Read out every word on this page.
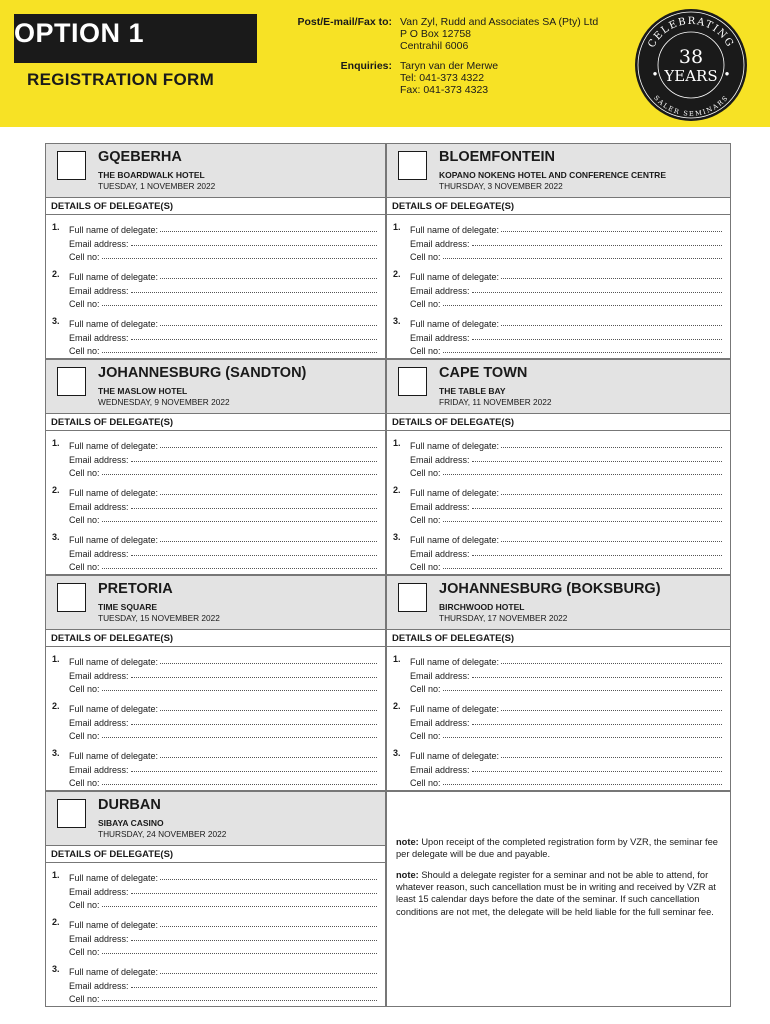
OPTION 1
REGISTRATION FORM
Post/E-mail/Fax to: Van Zyl, Rudd and Associates SA (Pty) Ltd
P O Box 12758
Centrahil 6006
Enquiries: Taryn van der Merwe
Tel: 041-373 4322
Fax: 041-373 4323
CELEBRATING
SALER SEMINARS
38
YEARS
●	●
GQEBERHA
THE BOARDWALK HOTEL
TUESDAY, 1 NOVEMBER 2022
DETAILS OF DELEGATE(S)
1. Full name of delegate:
Email address:
Cell no:
2. Full name of delegate:
Email address:
Cell no:
3. Full name of delegate:
Email address:
Cell no:
BLOEMFONTEIN
KOPANO NOKENG HOTEL AND CONFERENCE CENTRE
THURSDAY, 3 NOVEMBER 2022
DETAILS OF DELEGATE(S)
1. Full name of delegate:
Email address:
Cell no:
2. Full name of delegate:
Email address:
Cell no:
3. Full name of delegate:
Email address:
Cell no:
JOHANNESBURG (SANDTON)
THE MASLOW HOTEL
WEDNESDAY, 9 NOVEMBER 2022
DETAILS OF DELEGATE(S)
1. Full name of delegate:
Email address:
Cell no:
2. Full name of delegate:
Email address:
Cell no:
3. Full name of delegate:
Email address:
Cell no:
CAPE TOWN
THE TABLE BAY
FRIDAY, 11 NOVEMBER 2022
DETAILS OF DELEGATE(S)
1. Full name of delegate:
Email address:
Cell no:
2. Full name of delegate:
Email address:
Cell no:
3. Full name of delegate:
Email address:
Cell no:
PRETORIA
TIME SQUARE
TUESDAY, 15 NOVEMBER 2022
DETAILS OF DELEGATE(S)
1. Full name of delegate:
Email address:
Cell no:
2. Full name of delegate:
Email address:
Cell no:
3. Full name of delegate:
Email address:
Cell no:
JOHANNESBURG (BOKSBURG)
BIRCHWOOD HOTEL
THURSDAY, 17 NOVEMBER 2022
DETAILS OF DELEGATE(S)
1. Full name of delegate:
Email address:
Cell no:
2. Full name of delegate:
Email address:
Cell no:
3. Full name of delegate:
Email address:
Cell no:
DURBAN
SIBAYA CASINO
THURSDAY, 24 NOVEMBER 2022
DETAILS OF DELEGATE(S)
1. Full name of delegate:
Email address:
Cell no:
2. Full name of delegate:
Email address:
Cell no:
3. Full name of delegate:
Email address:
Cell no:

note: Upon receipt of the completed registration form by VZR, the seminar fee per delegate will be due and payable.

note: Should a delegate register for a seminar and not be able to attend, for whatever reason, such cancellation must be in writing and received by VZR at least 15 calendar days before the date of the seminar. If such cancellation conditions are not met, the delegate will be held liable for the full seminar fee.
